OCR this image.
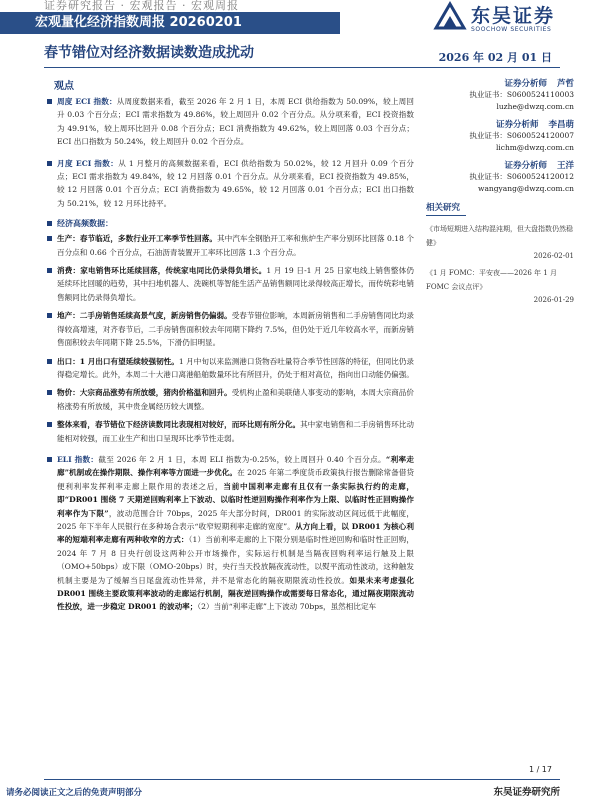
证券研究报告 · 宏观报告 · 宏观周报
宏观量化经济指数周报 20260201	东吴证券
SOOCHOW SECURITIES
春节错位对经济数据读数造成扰动	2026 年 02 月 01 日
观点
周度 ECI 指数：从周度数据来看，截至 2026 年 2 月 1 日，本周 ECI 供给指数为 50.09%，较上周回升 0.03 个百分点；ECI 需求指数为 49.86%，较上周回升 0.02 个百分点。从分项来看，ECI 投资指数为 49.91%，较上周环比回升 0.08 个百分点；ECI 消费指数为 49.62%，较上周回落 0.03 个百分点；ECI 出口指数为 50.24%，较上周回升 0.02 个百分点。
月度 ECI 指数：从 1 月整月的高频数据来看，ECI 供给指数为 50.02%，较 12 月回升 0.09 个百分点；ECI 需求指数为 49.84%，较 12 月回落 0.01 个百分点。从分项来看，ECI 投资指数为 49.85%，较 12 月回落 0.01 个百分点；ECI 消费指数为 49.65%，较 12 月回落 0.01 个百分点；ECI 出口指数为 50.21%，较 12 月环比持平。
经济高频数据：
生产：春节临近，多数行业开工率季节性回落。其中汽车全钢胎开工率和焦炉生产率分别环比回落 0.18 个百分点和 0.66 个百分点，石油沥青装置开工率环比回落 1.3 个百分点。
消费：家电销售环比延续回落，传统家电同比仍录得负增长。1 月 19 日-1 月 25 日家电线上销售整体仍延续环比回暖的趋势，其中扫地机器人、洗碗机等智能生活产品销售额同比录得较高正增长，而传统彩电销售额同比仍录得负增长。
地产：二手房销售延续高景气度，新房销售仍偏弱。受春节错位影响，本周新房销售和二手房销售同比均录得较高增速，对齐春节后，二手房销售面积较去年同期下降约 7.5%，但仍处于近几年较高水平，而新房销售面积较去年同期下降 25.5%，下滑仍旧明显。
出口：1 月出口有望延续较强韧性。1 月中旬以来监测港口货物吞吐量符合季节性回落的特征，但同比仍录得稳定增长。此外，本周二十大港口离港船舶数量环比有所回升，仍处于相对高位，指向出口动能仍偏强。
物价：大宗商品涨势有所放缓，猪肉价格温和回升。受机构止盈和美联储人事变动的影响，本周大宗商品价格涨势有所放缓，其中贵金属经历较大调整。
整体来看，春节错位下经济读数同比表现相对较好，而环比则有所分化。其中家电销售和二手房销售环比动能相对较强，而工业生产和出口呈现环比季节性走弱。
ELI 指数：截至 2026 年 2 月 1 日，本周 ELI 指数为-0.25%，较上周回升 0.40 个百分点。“利率走廊”机制或在操作期限、操作利率等方面进一步优化。在 2025 年第二季度货币政策执行报告删除常备借贷便利利率发挥利率走廊上限作用的表述之后，当前中国利率走廊有且仅有一条实际执行约的走廊，即“DR001 围绕 7 天期逆回购利率上下波动、以临时性逆回购操作利率作为上限、以临时性正回购操作利率作为下限”，波动范围合计 70bps，2025 年大部分时间，DR001 的实际波动区间远低于此幅度，2025 年下半年人民银行在多种场合表示“收窄短期利率走廊的宽度”。从方向上看，以 DR001 为核心利率的短端利率走廊有两种收窄的方式：（1）当前利率走廊的上下限分别是临时性逆回购和临时性正回购，2024 年 7 月 8 日央行创设这两种公开市场操作，实际运行机制是当隔夜回购利率运行触及上限（OMO+50bps）或下限（OMO-20bps）时，央行当天投放隔夜流动性，以熨平流动性波动，这种触发机制主要是为了缓解当日尾盘流动性异常，并不是常态化的隔夜期限流动性投放。如果未来考虑强化 DR001 围绕主要政策利率波动的走廊运行机制，隔夜逆回购操作或需要每日常态化，通过隔夜期限流动性投放，进一步稳定 DR001 的波动率；（2）当前“利率走廊”上下波动 70bps，虽然相比定车
证券分析师 芦哲
执业证书：S0600524110003
luzhe@dwzq.com.cn
证券分析师 李昌萌
执业证书：S0600524120007
lichm@dwzq.com.cn
证券分析师 王洋
执业证书：S0600524120012
wangyang@dwzq.com.cn
相关研究
《市场短期进入结构混沌期，但大盘指数仍然稳健》
2026-02-01
《1 月 FOMC：平安夜——2026 年 1 月 FOMC 会议点评》
2026-01-29
1 / 17
请务必阅读正文之后的免责声明部分	东吴证券研究所
